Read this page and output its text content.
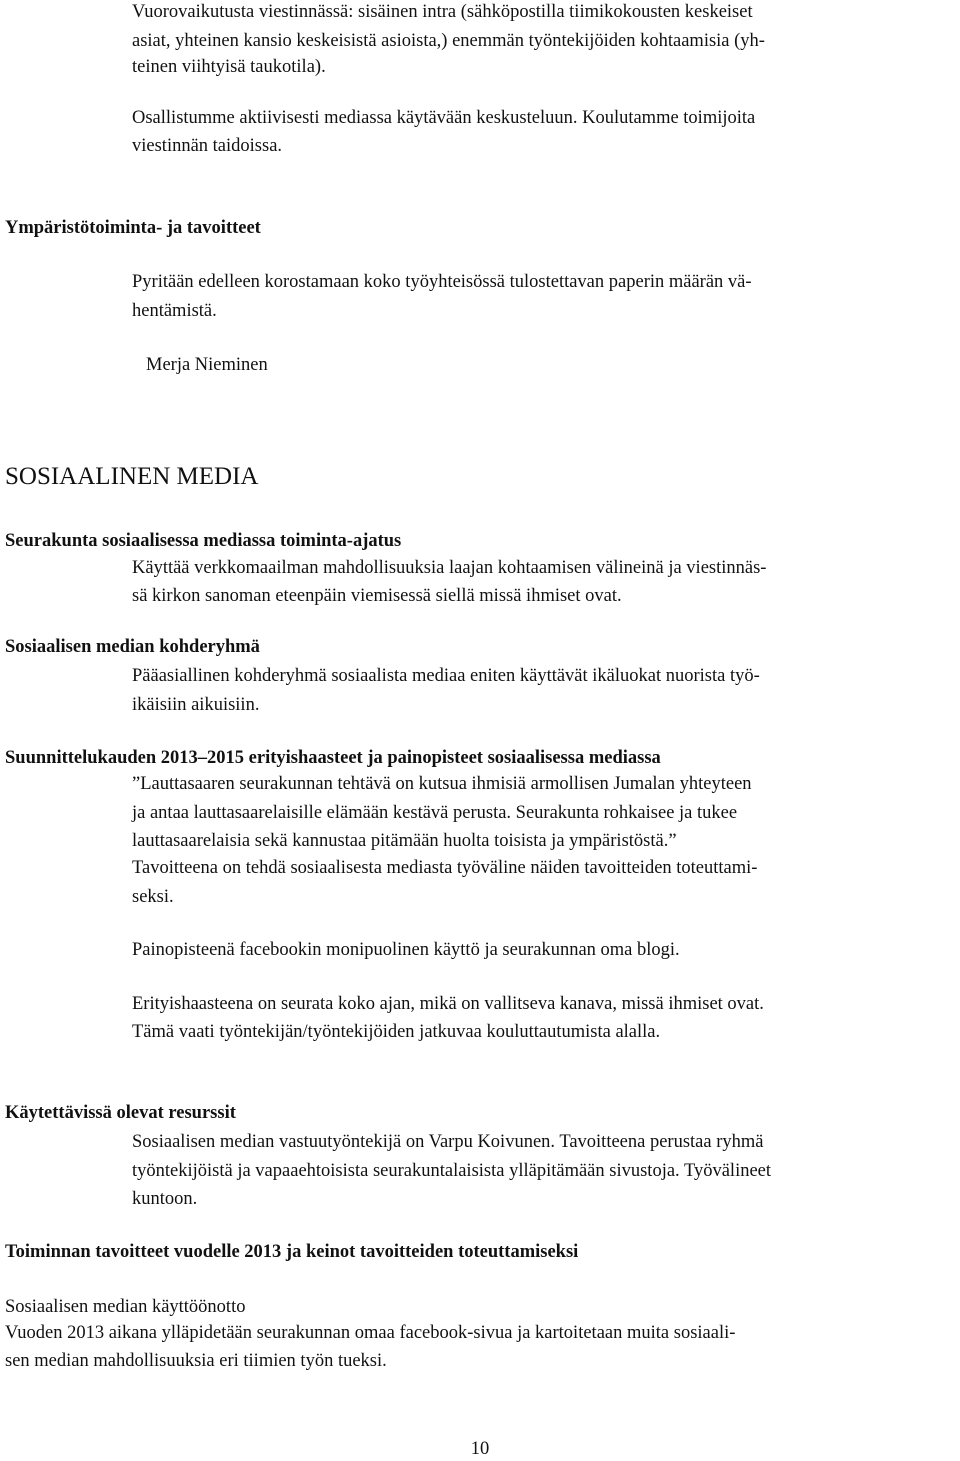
Vuorovaikutusta viestinnässä: sisäinen intra (sähköpostilla tiimikokousten keskeiset
asiat, yhteinen kansio keskeisistä asioista,) enemmän työntekijöiden kohtaamisia (yh-
teinen viihtyisä taukotila).
Osallistumme aktiivisesti mediassa käytävään keskusteluun. Koulutamme toimijoita
viestinnän taidoissa.
Ympäristötoiminta- ja tavoitteet
Pyritään edelleen korostamaan koko työyhteisössä tulostettavan paperin määrän vä-
hentämistä.
Merja Nieminen
SOSIAALINEN MEDIA
Seurakunta sosiaalisessa mediassa toiminta-ajatus
Käyttää verkkomaailman mahdollisuuksia laajan kohtaamisen välineinä ja viestinnäs-
sä kirkon sanoman eteenpäin viemisessä siellä missä ihmiset ovat.
Sosiaalisen median kohderyhmä
Pääasiallinen kohderyhmä sosiaalista mediaa eniten käyttävät ikäluokat nuorista työ-
ikäisiin aikuisiin.
Suunnittelukauden 2013–2015 erityishaasteet ja painopisteet sosiaalisessa mediassa
”Lauttasaaren seurakunnan tehtävä on kutsua ihmisiä armollisen Jumalan yhteyteen
ja antaa lauttasaarelaisille elämään kestävä perusta. Seurakunta rohkaisee ja tukee
lauttasaarelaisia sekä kannustaa pitämään huolta toisista ja ympäristöstä.”
Tavoitteena on tehdä sosiaalisesta mediasta työväline näiden tavoitteiden toteuttami-
seksi.
Painopisteenä facebookin monipuolinen käyttö ja seurakunnan oma blogi.
Erityishaasteena on seurata koko ajan, mikä on vallitseva kanava, missä ihmiset ovat.
Tämä vaati työntekijän/työntekijöiden jatkuvaa kouluttautumista alalla.
Käytettävissä olevat resurssit
Sosiaalisen median vastuutyöntekijä on Varpu Koivunen. Tavoitteena perustaa ryhmä
työntekijöistä ja vapaaehtoisista seurakuntalaisista ylläpitämään sivustoja. Työvälineet
kuntoon.
Toiminnan tavoitteet vuodelle 2013 ja keinot tavoitteiden toteuttamiseksi
Sosiaalisen median käyttöönotto
Vuoden 2013 aikana ylläpidetään seurakunnan omaa facebook-sivua ja kartoitetaan muita sosiaali-
sen median mahdollisuuksia eri tiimien työn tueksi.
10
